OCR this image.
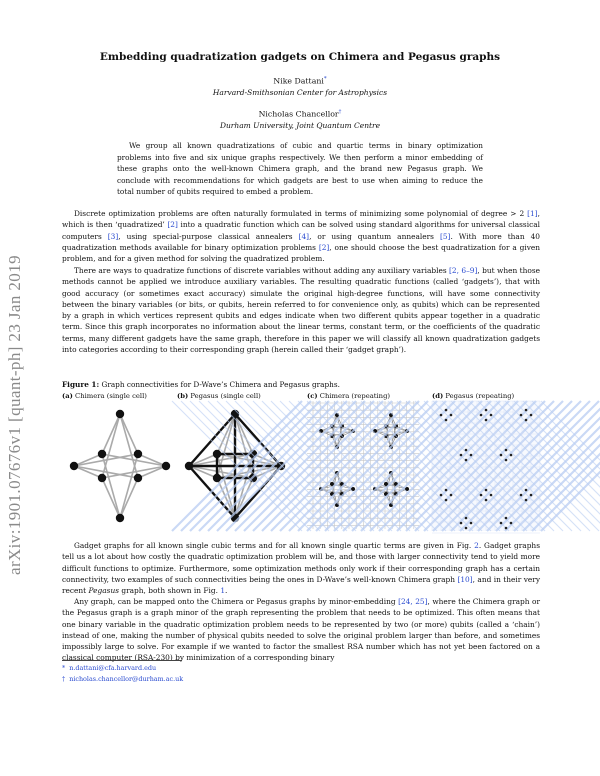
arXiv:1901.07676v1 [quant-ph] 23 Jan 2019
Embedding quadratization gadgets on Chimera and Pegasus graphs
Nike Dattani*
Harvard-Smithsonian Center for Astrophysics
Nicholas Chancellor†
Durham University, Joint Quantum Centre

We group all known quadratizations of cubic and quartic terms in binary optimization problems into five and six unique graphs respectively. We then perform a minor embedding of these graphs onto the well-known Chimera graph, and the brand new Pegasus graph. We conclude with recommendations for which gadgets are best to use when aiming to reduce the total number of qubits required to embed a problem.

Discrete optimization problems are often naturally formulated in terms of minimizing some polynomial of degree > 2 [1], which is then ‘quadratized’ [2] into a quadratic function which can be solved using standard algorithms for universal classical computers [3], using special-purpose classical annealers [4], or using quantum annealers [5]. With more than 40 quadratization methods available for binary optimization problems [2], one should choose the best quadratization for a given problem, and for a given method for solving the quadratized problem.

There are ways to quadratize functions of discrete variables without adding any auxiliary variables [2, 6–9], but when those methods cannot be applied we introduce auxiliary variables. The resulting quadratic functions (called ‘gadgets’), that with good accuracy (or sometimes exact accuracy) simulate the original high-degree functions, will have some connectivity between the binary variables (or bits, or qubits, herein referred to for convenience only, as qubits) which can be represented by a graph in which vertices represent qubits and edges indicate when two different qubits appear together in a quadratic term. Since this graph incorporates no information about the linear terms, constant term, or the coefficients of the quadratic terms, many different gadgets have the same graph, therefore in this paper we will classify all known quadratization gadgets into categories according to their corresponding graph (herein called their ‘gadget graph’).

Figure 1: Graph connectivities for D-Wave’s Chimera and Pegasus graphs.
(a) Chimera (single cell)	(b) Pegasus (single cell)	(c) Chimera (repeating)	(d) Pegasus (repeating)

Gadget graphs for all known single cubic terms and for all known single quartic terms are given in Fig. 2. Gadget graphs tell us a lot about how costly the quadratic optimization problem will be, and those with larger connectivity tend to yield more difficult functions to optimize. Furthermore, some optimization methods only work if their corresponding graph has a certain connectivity, two examples of such connectivities being the ones in D-Wave’s well-known Chimera graph [10], and in their very recent Pegasus graph, both shown in Fig. 1.

Any graph, can be mapped onto the Chimera or Pegasus graphs by minor-embedding [24, 25], where the Chimera graph or the Pegasus graph is a graph minor of the graph representing the problem that needs to be optimized. This often means that one binary variable in the quadratic optimization problem needs to be represented by two (or more) qubits (called a ‘chain’) instead of one, making the number of physical qubits needed to solve the original problem larger than before, and sometimes impossibly large to solve. For example if we wanted to factor the smallest RSA number which has not yet been factored on a classical computer (RSA-230) by minimization of a corresponding binary

* n.dattani@cfa.harvard.edu
† nicholas.chancellor@durham.ac.uk
